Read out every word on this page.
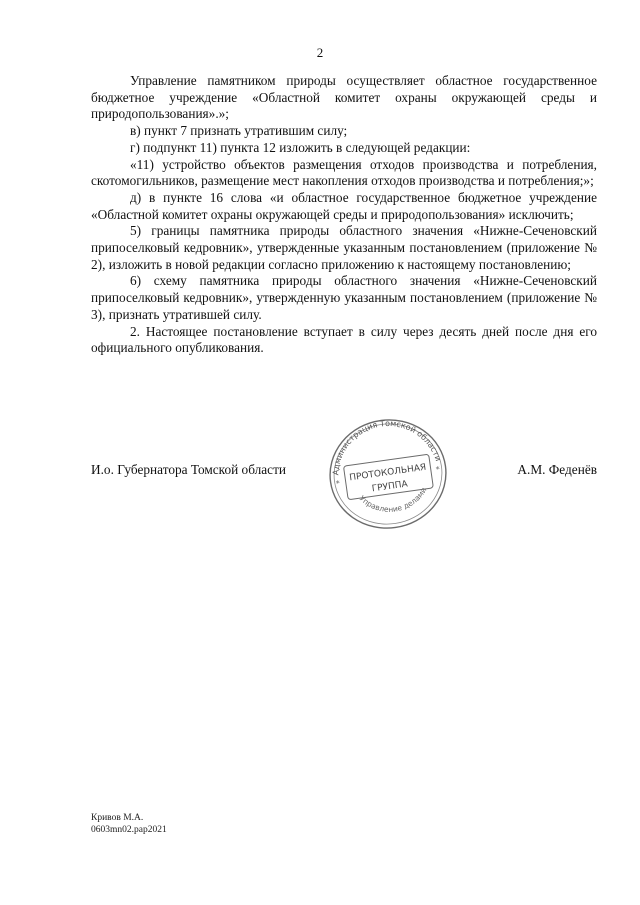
2

Управление памятником природы осуществляет областное государственное бюджетное учреждение «Областной комитет охраны окружающей среды и природопользования».»;

в) пункт 7 признать утратившим силу;

г) подпункт 11) пункта 12 изложить в следующей редакции:

«11) устройство объектов размещения отходов производства и потребления, скотомогильников, размещение мест накопления отходов производства и потребления;»;

д) в пункте 16 слова «и областное государственное бюджетное учреждение «Областной комитет охраны окружающей среды и природопользования» исключить;

5) границы памятника природы областного значения «Нижне-Сеченовский припоселковый кедровник», утвержденные указанным постановлением (приложение № 2), изложить в новой редакции согласно приложению к настоящему постановлению;

6) схему памятника природы областного значения «Нижне-Сеченовский припоселковый кедровник», утвержденную указанным постановлением (приложение № 3), признать утратившей силу.

2. Настоящее постановление вступает в силу через десять дней после дня его официального опубликования.

И.о. Губернатора Томской области	А.М. Феденёв
Администрация Томской области
Управление делами
ПРОТОКОЛЬНАЯ
ГРУППА
*
*
Кривов М.А.
0603mn02.pap2021
